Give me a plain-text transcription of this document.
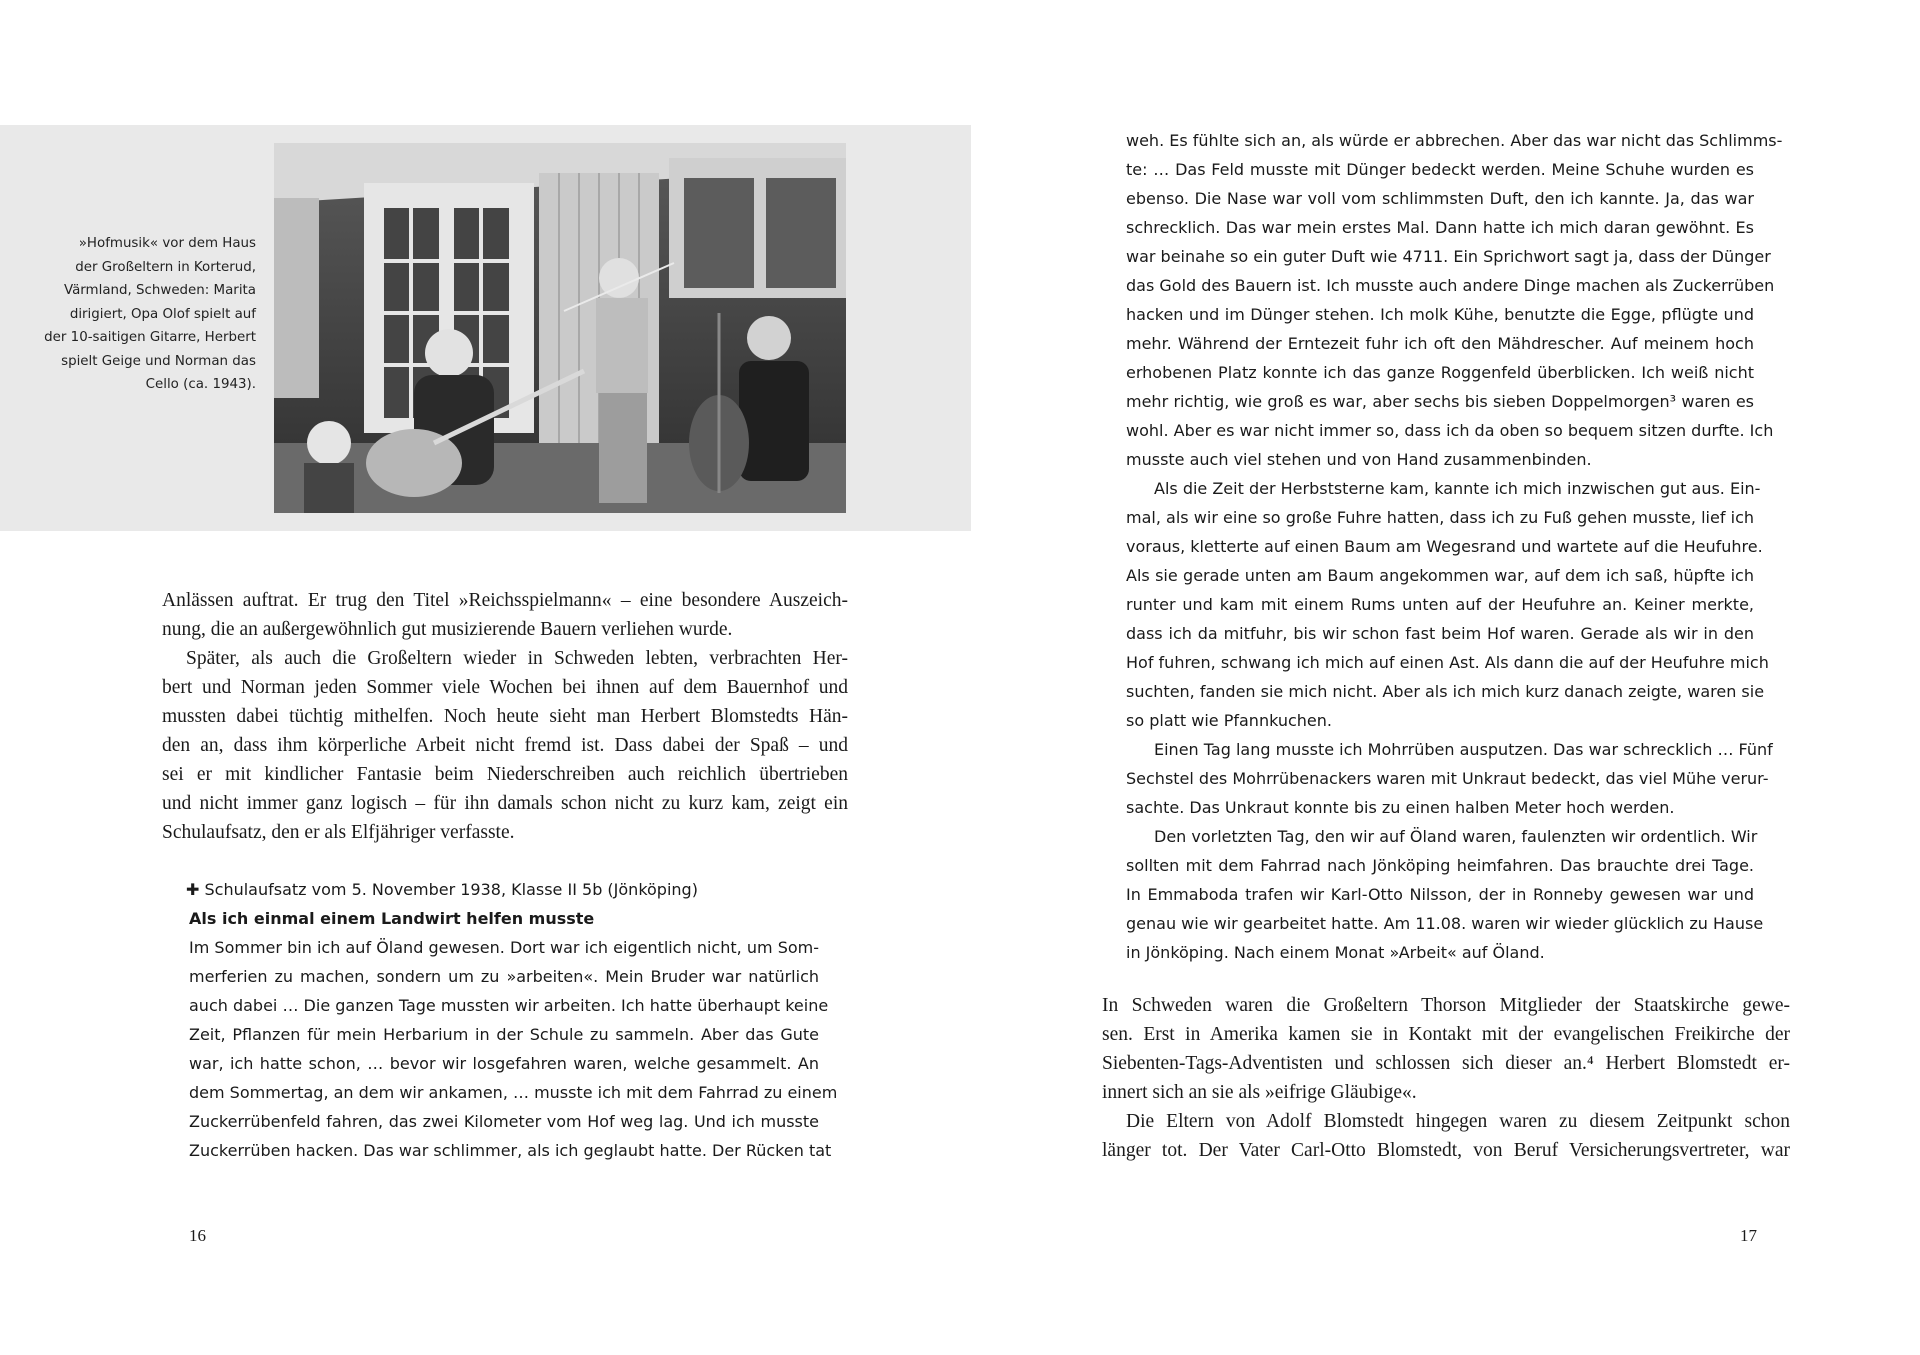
»Hofmusik« vor dem Haus
der Großeltern in Korterud,
Värmland, Schweden: Marita
dirigiert, Opa Olof spielt auf
der 10-saitigen Gitarre, Herbert
spielt Geige und Norman das
Cello (ca. 1943).
Anlässen auftrat. Er trug den Titel »Reichsspielmann« – eine besondere Auszeich-
nung, die an außergewöhnlich gut musizierende Bauern verliehen wurde.
Später, als auch die Großeltern wieder in Schweden lebten, verbrachten Her-
bert und Norman jeden Sommer viele Wochen bei ihnen auf dem Bauernhof und
mussten dabei tüchtig mithelfen. Noch heute sieht man Herbert Blomstedts Hän-
den an, dass ihm körperliche Arbeit nicht fremd ist. Dass dabei der Spaß – und
sei er mit kindlicher Fantasie beim Niederschreiben auch reichlich übertrieben
und nicht immer ganz logisch – für ihn damals schon nicht zu kurz kam, zeigt ein
Schulaufsatz, den er als Elfjähriger verfasste.
✚ Schulaufsatz vom 5. November 1938, Klasse II 5b (Jönköping)
Als ich einmal einem Landwirt helfen musste
Im Sommer bin ich auf Öland gewesen. Dort war ich eigentlich nicht, um Som-
merferien zu machen, sondern um zu »arbeiten«. Mein Bruder war natürlich
auch dabei … Die ganzen Tage mussten wir arbeiten. Ich hatte überhaupt keine
Zeit, Pflanzen für mein Herbarium in der Schule zu sammeln. Aber das Gute
war, ich hatte schon, … bevor wir losgefahren waren, welche gesammelt. An
dem Sommertag, an dem wir ankamen, … musste ich mit dem Fahrrad zu einem
Zuckerrübenfeld fahren, das zwei Kilometer vom Hof weg lag. Und ich musste
Zuckerrüben hacken. Das war schlimmer, als ich geglaubt hatte. Der Rücken tat
16
weh. Es fühlte sich an, als würde er abbrechen. Aber das war nicht das Schlimms-
te: … Das Feld musste mit Dünger bedeckt werden. Meine Schuhe wurden es
ebenso. Die Nase war voll vom schlimmsten Duft, den ich kannte. Ja, das war
schrecklich. Das war mein erstes Mal. Dann hatte ich mich daran gewöhnt. Es
war beinahe so ein guter Duft wie 4711. Ein Sprichwort sagt ja, dass der Dünger
das Gold des Bauern ist. Ich musste auch andere Dinge machen als Zuckerrüben
hacken und im Dünger stehen. Ich molk Kühe, benutzte die Egge, pflügte und
mehr. Während der Erntezeit fuhr ich oft den Mähdrescher. Auf meinem hoch
erhobenen Platz konnte ich das ganze Roggenfeld überblicken. Ich weiß nicht
mehr richtig, wie groß es war, aber sechs bis sieben Doppelmorgen³ waren es
wohl. Aber es war nicht immer so, dass ich da oben so bequem sitzen durfte. Ich
musste auch viel stehen und von Hand zusammenbinden.
Als die Zeit der Herbststerne kam, kannte ich mich inzwischen gut aus. Ein-
mal, als wir eine so große Fuhre hatten, dass ich zu Fuß gehen musste, lief ich
voraus, kletterte auf einen Baum am Wegesrand und wartete auf die Heufuhre.
Als sie gerade unten am Baum angekommen war, auf dem ich saß, hüpfte ich
runter und kam mit einem Rums unten auf der Heufuhre an. Keiner merkte,
dass ich da mitfuhr, bis wir schon fast beim Hof waren. Gerade als wir in den
Hof fuhren, schwang ich mich auf einen Ast. Als dann die auf der Heufuhre mich
suchten, fanden sie mich nicht. Aber als ich mich kurz danach zeigte, waren sie
so platt wie Pfannkuchen.
Einen Tag lang musste ich Mohrrüben ausputzen. Das war schrecklich … Fünf
Sechstel des Mohrrübenackers waren mit Unkraut bedeckt, das viel Mühe verur-
sachte. Das Unkraut konnte bis zu einen halben Meter hoch werden.
Den vorletzten Tag, den wir auf Öland waren, faulenzten wir ordentlich. Wir
sollten mit dem Fahrrad nach Jönköping heimfahren. Das brauchte drei Tage.
In Emmaboda trafen wir Karl-Otto Nilsson, der in Ronneby gewesen war und
genau wie wir gearbeitet hatte. Am 11.08. waren wir wieder glücklich zu Hause
in Jönköping. Nach einem Monat »Arbeit« auf Öland.
In Schweden waren die Großeltern Thorson Mitglieder der Staatskirche gewe-
sen. Erst in Amerika kamen sie in Kontakt mit der evangelischen Freikirche der
Siebenten-Tags-Adventisten und schlossen sich dieser an.⁴ Herbert Blomstedt er-
innert sich an sie als »eifrige Gläubige«.
Die Eltern von Adolf Blomstedt hingegen waren zu diesem Zeitpunkt schon
länger tot. Der Vater Carl-Otto Blomstedt, von Beruf Versicherungsvertreter, war
17
